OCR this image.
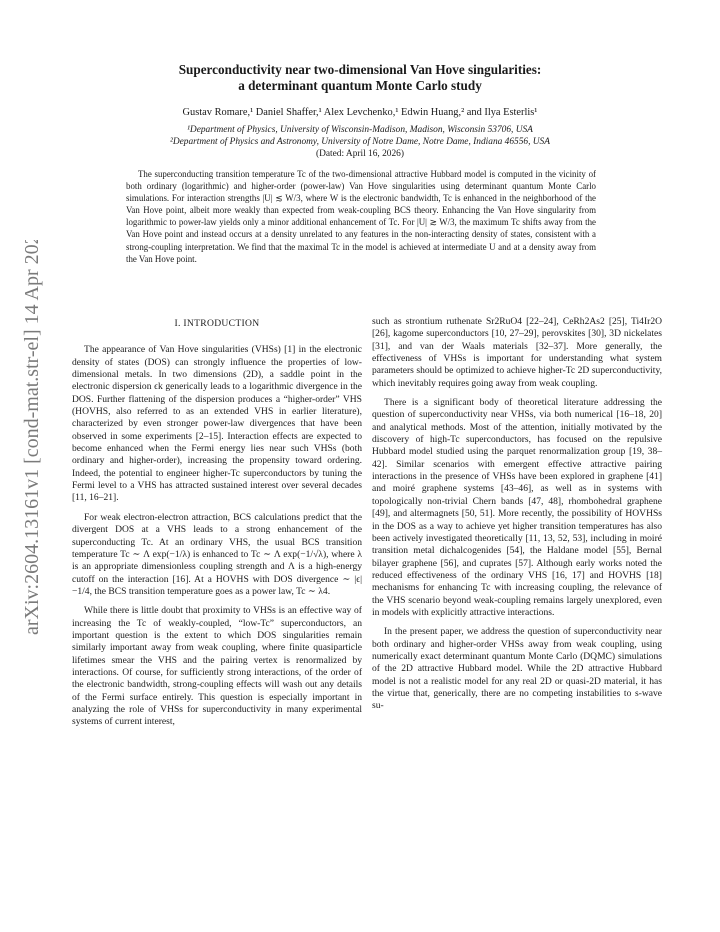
arXiv:2604.13161v1 [cond-mat.str-el] 14 Apr 2026
Superconductivity near two-dimensional Van Hove singularities:
a determinant quantum Monte Carlo study
Gustav Romare,¹ Daniel Shaffer,¹ Alex Levchenko,¹ Edwin Huang,² and Ilya Esterlis¹
¹Department of Physics, University of Wisconsin-Madison, Madison, Wisconsin 53706, USA
²Department of Physics and Astronomy, University of Notre Dame, Notre Dame, Indiana 46556, USA
(Dated: April 16, 2026)
The superconducting transition temperature Tc of the two-dimensional attractive Hubbard model is computed in the vicinity of both ordinary (logarithmic) and higher-order (power-law) Van Hove singularities using determinant quantum Monte Carlo simulations. For interaction strengths |U| ≲ W/3, where W is the electronic bandwidth, Tc is enhanced in the neighborhood of the Van Hove point, albeit more weakly than expected from weak-coupling BCS theory. Enhancing the Van Hove singularity from logarithmic to power-law yields only a minor additional enhancement of Tc. For |U| ≳ W/3, the maximum Tc shifts away from the Van Hove point and instead occurs at a density unrelated to any features in the non-interacting density of states, consistent with a strong-coupling interpretation. We find that the maximal Tc in the model is achieved at intermediate U and at a density away from the Van Hove point.
I. INTRODUCTION

The appearance of Van Hove singularities (VHSs) [1] in the electronic density of states (DOS) can strongly influence the properties of low-dimensional metals. In two dimensions (2D), a saddle point in the electronic dispersion ϵk generically leads to a logarithmic divergence in the DOS. Further flattening of the dispersion produces a “higher-order” VHS (HOVHS, also referred to as an extended VHS in earlier literature), characterized by even stronger power-law divergences that have been observed in some experiments [2–15]. Interaction effects are expected to become enhanced when the Fermi energy lies near such VHSs (both ordinary and higher-order), increasing the propensity toward ordering. Indeed, the potential to engineer higher-Tc superconductors by tuning the Fermi level to a VHS has attracted sustained interest over several decades [11, 16–21].

For weak electron-electron attraction, BCS calculations predict that the divergent DOS at a VHS leads to a strong enhancement of the superconducting Tc. At an ordinary VHS, the usual BCS transition temperature Tc ∼ Λ exp(−1/λ) is enhanced to Tc ∼ Λ exp(−1/√λ), where λ is an appropriate dimensionless coupling strength and Λ is a high-energy cutoff on the interaction [16]. At a HOVHS with DOS divergence ∼ |ϵ|−1/4, the BCS transition temperature goes as a power law, Tc ∼ λ4.

While there is little doubt that proximity to VHSs is an effective way of increasing the Tc of weakly-coupled, “low-Tc” superconductors, an important question is the extent to which DOS singularities remain similarly important away from weak coupling, where finite quasiparticle lifetimes smear the VHS and the pairing vertex is renormalized by interactions. Of course, for sufficiently strong interactions, of the order of the electronic bandwidth, strong-coupling effects will wash out any details of the Fermi surface entirely. This question is especially important in analyzing the role of VHSs for superconductivity in many experimental systems of current interest,

such as strontium ruthenate Sr2RuO4 [22–24], CeRh2As2 [25], Ti4Ir2O [26], kagome superconductors [10, 27–29], perovskites [30], 3D nickelates [31], and van der Waals materials [32–37]. More generally, the effectiveness of VHSs is important for understanding what system parameters should be optimized to achieve higher-Tc 2D superconductivity, which inevitably requires going away from weak coupling.

There is a significant body of theoretical literature addressing the question of superconductivity near VHSs, via both numerical [16–18, 20] and analytical methods. Most of the attention, initially motivated by the discovery of high-Tc superconductors, has focused on the repulsive Hubbard model studied using the parquet renormalization group [19, 38–42]. Similar scenarios with emergent effective attractive pairing interactions in the presence of VHSs have been explored in graphene [41] and moiré graphene systems [43–46], as well as in systems with topologically non-trivial Chern bands [47, 48], rhombohedral graphene [49], and altermagnets [50, 51]. More recently, the possibility of HOVHSs in the DOS as a way to achieve yet higher transition temperatures has also been actively investigated theoretically [11, 13, 52, 53], including in moiré transition metal dichalcogenides [54], the Haldane model [55], Bernal bilayer graphene [56], and cuprates [57]. Although early works noted the reduced effectiveness of the ordinary VHS [16, 17] and HOVHS [18] mechanisms for enhancing Tc with increasing coupling, the relevance of the VHS scenario beyond weak-coupling remains largely unexplored, even in models with explicitly attractive interactions.

In the present paper, we address the question of superconductivity near both ordinary and higher-order VHSs away from weak coupling, using numerically exact determinant quantum Monte Carlo (DQMC) simulations of the 2D attractive Hubbard model. While the 2D attractive Hubbard model is not a realistic model for any real 2D or quasi-2D material, it has the virtue that, generically, there are no competing instabilities to s-wave su-
